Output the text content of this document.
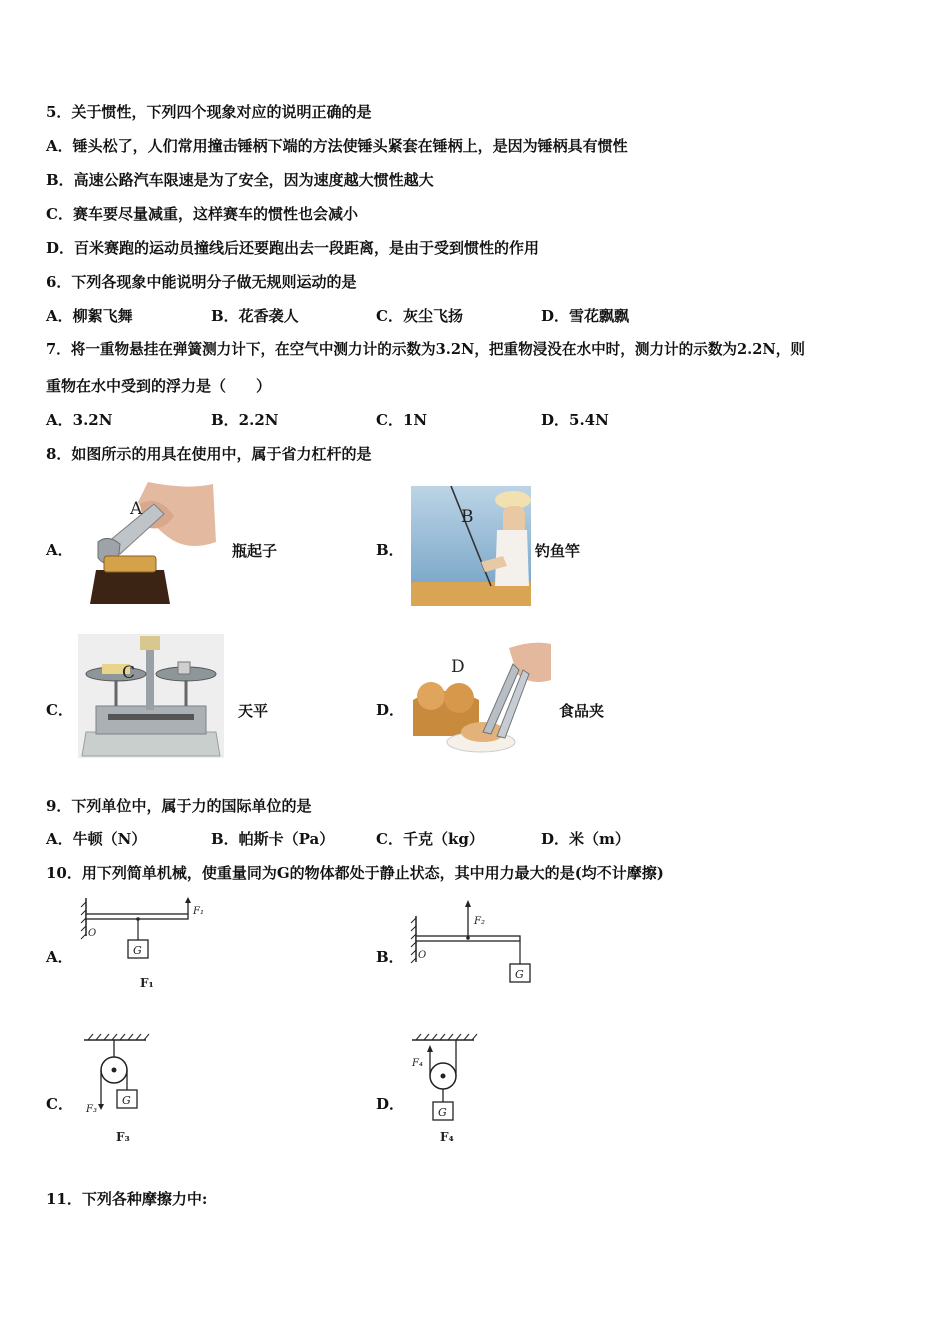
5．关于惯性，下列四个现象对应的说明正确的是
A．锤头松了，人们常用撞击锤柄下端的方法使锤头紧套在锤柄上，是因为锤柄具有惯性
B．高速公路汽车限速是为了安全，因为速度越大惯性越大
C．赛车要尽量减重，这样赛车的惯性也会减小
D．百米赛跑的运动员撞线后还要跑出去一段距离，是由于受到惯性的作用
6．下列各现象中能说明分子做无规则运动的是
A．柳絮飞舞	B．花香袭人	C．灰尘飞扬	D．雪花飘飘
7．将一重物悬挂在弹簧测力计下，在空气中测力计的示数为3.2N，把重物浸没在水中时，测力计的示数为2.2N，则
重物在水中受到的浮力是（　　）
A．3.2N	B．2.2N	C．1N	D．5.4N
8．如图所示的用具在使用中，属于省力杠杆的是
A．
A
瓶起子	B．
B
钓鱼竿
C．
C
天平	D．
D
食品夹
9．下列单位中，属于力的国际单位的是
A．牛顿（N）	B．帕斯卡（Pa）	C．千克（kg）	D．米（m）
10．用下列简单机械，使重量同为G的物体都处于静止状态，其中用力最大的是(均不计摩擦)
A．	G
O
F₁
F₁
B．
G
O
F₂
C．	G
F₃
F₃
D．	G
F₄
F₄
11．下列各种摩擦力中:
